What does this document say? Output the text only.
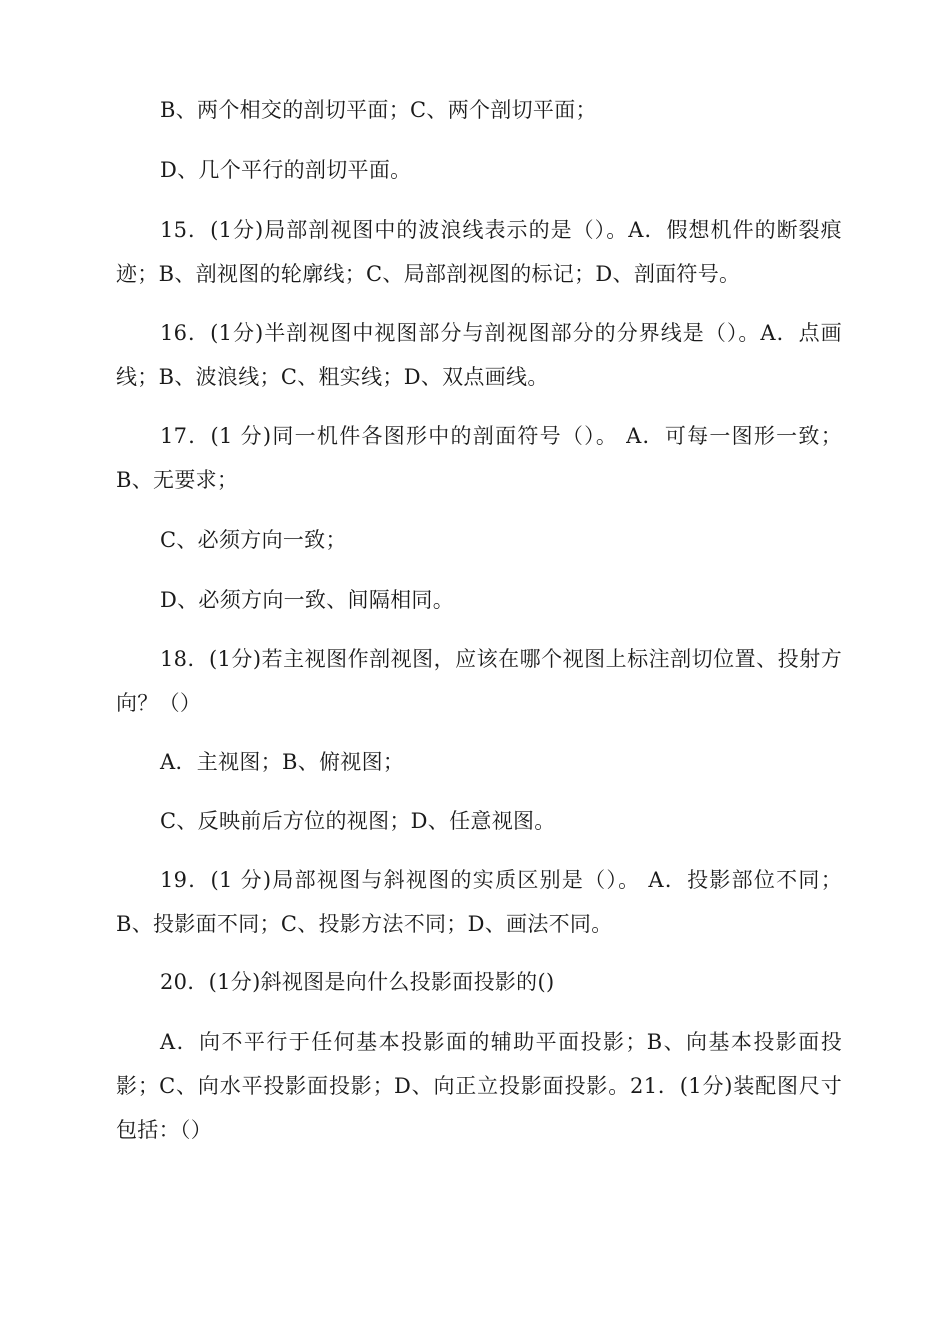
B、两个相交的剖切平面；C、两个剖切平面；

D、几个平行的剖切平面。

15．(1分)局部剖视图中的波浪线表示的是（）。A．假想机件的断裂痕迹；B、剖视图的轮廓线；C、局部剖视图的标记；D、剖面符号。

16．(1分)半剖视图中视图部分与剖视图部分的分界线是（）。A．点画线；B、波浪线；C、粗实线；D、双点画线。

17．(1 分)同一机件各图形中的剖面符号（）。 A．可每一图形一致；B、无要求；

C、必须方向一致；

D、必须方向一致、间隔相同。

18．(1分)若主视图作剖视图，应该在哪个视图上标注剖切位置、投射方向？（）

A．主视图；B、俯视图；

C、反映前后方位的视图；D、任意视图。

19．(1 分)局部视图与斜视图的实质区别是（）。 A．投影部位不同；B、投影面不同；C、投影方法不同；D、画法不同。

20．(1分)斜视图是向什么投影面投影的()

A．向不平行于任何基本投影面的辅助平面投影；B、向基本投影面投影；C、向水平投影面投影；D、向正立投影面投影。21．(1分)装配图尺寸包括：（）
